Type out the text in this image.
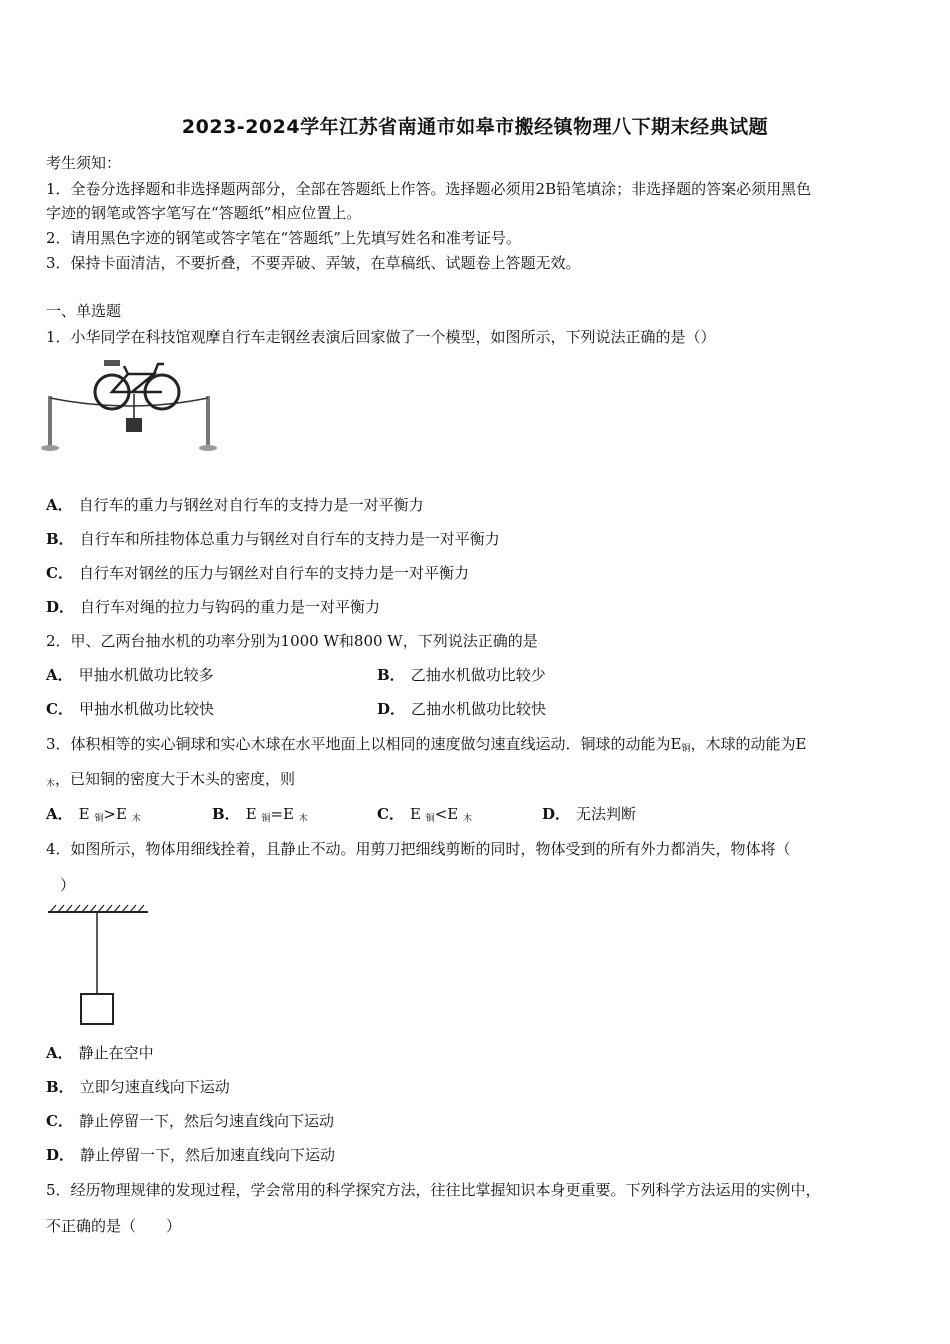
2023-2024学年江苏省南通市如皋市搬经镇物理八下期末经典试题
考生须知：
1．全卷分选择题和非选择题两部分，全部在答题纸上作答。选择题必须用2B铅笔填涂；非选择题的答案必须用黑色
字迹的钢笔或答字笔写在“答题纸”相应位置上。
2．请用黑色字迹的钢笔或答字笔在“答题纸”上先填写姓名和准考证号。
3．保持卡面清洁，不要折叠，不要弄破、弄皱，在草稿纸、试题卷上答题无效。
一、单选题
1．小华同学在科技馆观摩自行车走钢丝表演后回家做了一个模型，如图所示，下列说法正确的是（）
A． 自行车的重力与钢丝对自行车的支持力是一对平衡力
B． 自行车和所挂物体总重力与钢丝对自行车的支持力是一对平衡力
C． 自行车对钢丝的压力与钢丝对自行车的支持力是一对平衡力
D． 自行车对绳的拉力与钩码的重力是一对平衡力
2．甲、乙两台抽水机的功率分别为1000 W和800 W，下列说法正确的是
A． 甲抽水机做功比较多	B． 乙抽水机做功比较少
C． 甲抽水机做功比较快	D． 乙抽水机做功比较快
3．体积相等的实心铜球和实心木球在水平地面上以相同的速度做匀速直线运动．铜球的动能为$E_铜$，木球的动能为E
$_木$，已知铜的密度大于木头的密度，则
A． E $_铜$>E $_木$	B． E $_铜$=E $_木$	C． E $_铜$<E $_木$	D． 无法判断
4．如图所示，物体用细线拴着，且静止不动。用剪刀把细线剪断的同时，物体受到的所有外力都消失，物体将（
）
A． 静止在空中
B． 立即匀速直线向下运动
C． 静止停留一下，然后匀速直线向下运动
D． 静止停留一下，然后加速直线向下运动
5．经历物理规律的发现过程，学会常用的科学探究方法，往往比掌握知识本身更重要。下列科学方法运用的实例中，
不正确的是（　　）
